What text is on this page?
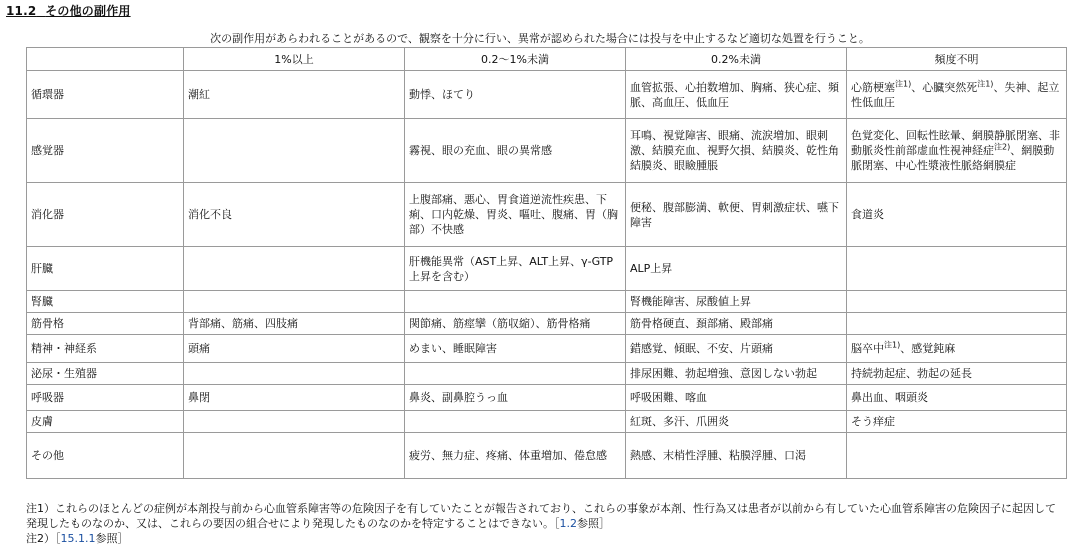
11.2 その他の副作用
次の副作用があらわれることがあるので、観察を十分に行い、異常が認められた場合には投与を中止するなど適切な処置を行うこと。
	1%以上	0.2〜1%未満	0.2%未満	頻度不明
循環器	潮紅	動悸、ほてり	血管拡張、心拍数増加、胸痛、狭心症、頻脈、高血圧、低血圧	心筋梗塞$^{注1)}$、心臓突然死$^{注1)}$、失神、起立性低血圧
感覚器		霧視、眼の充血、眼の異常感	耳鳴、視覚障害、眼痛、流涙増加、眼刺激、結膜充血、視野欠損、結膜炎、乾性角結膜炎、眼瞼腫脹	色覚変化、回転性眩暈、網膜静脈閉塞、非動脈炎性前部虚血性視神経症$^{注2)}$、網膜動脈閉塞、中心性漿液性脈絡網膜症
消化器	消化不良	上腹部痛、悪心、胃食道逆流性疾患、下痢、口内乾燥、胃炎、嘔吐、腹痛、胃（胸部）不快感	便秘、腹部膨満、軟便、胃刺激症状、嚥下障害	食道炎
肝臓		肝機能異常（AST上昇、ALT上昇、γ-GTP上昇を含む）	ALP上昇	
腎臓			腎機能障害、尿酸値上昇	
筋骨格	背部痛、筋痛、四肢痛	関節痛、筋痙攣（筋収縮）、筋骨格痛	筋骨格硬直、頚部痛、殿部痛	
精神・神経系	頭痛	めまい、睡眠障害	錯感覚、傾眠、不安、片頭痛	脳卒中$^{注1)}$、感覚鈍麻
泌尿・生殖器			排尿困難、勃起増強、意図しない勃起	持続勃起症、勃起の延長
呼吸器	鼻閉	鼻炎、副鼻腔うっ血	呼吸困難、喀血	鼻出血、咽頭炎
皮膚			紅斑、多汗、爪囲炎	そう痒症
その他		疲労、無力症、疼痛、体重増加、倦怠感	熱感、末梢性浮腫、粘膜浮腫、口渇	
注1）これらのほとんどの症例が本剤投与前から心血管系障害等の危険因子を有していたことが報告されており、これらの事象が本剤、性行為又は患者が以前から有していた心血管系障害の危険因子に起因して発現したものなのか、又は、これらの要因の組合せにより発現したものなのかを特定することはできない。［1.2参照］
注2）［15.1.1参照］
